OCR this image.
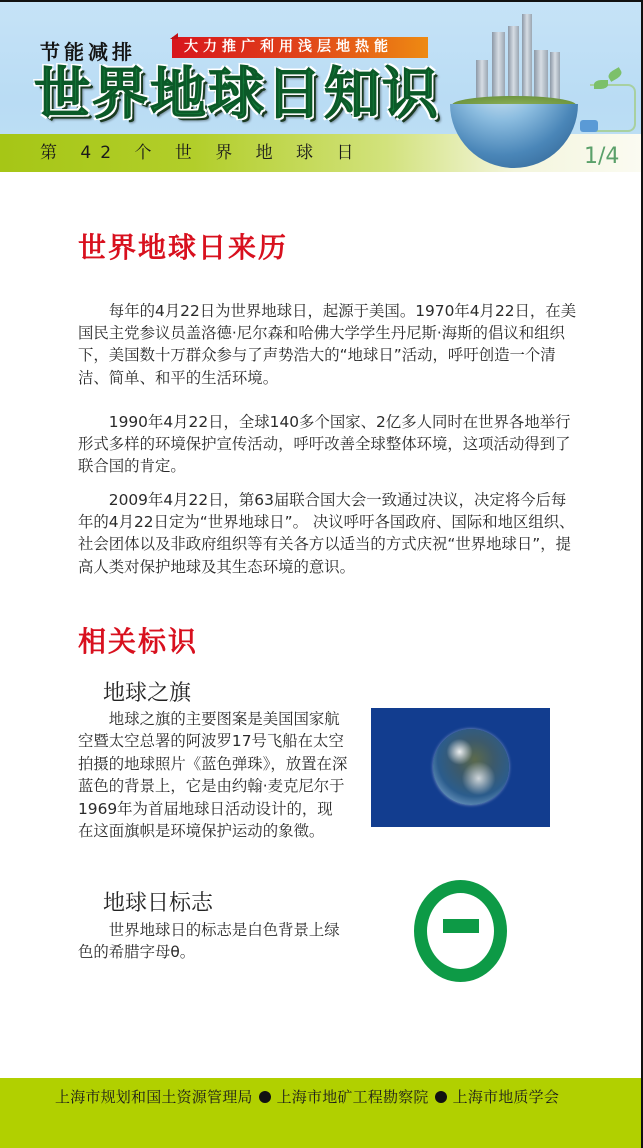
节能减排	大力推广利用浅层地热能
世界地球日知识
第 42 个 世 界 地 球 日	1/4
世界地球日来历

每年的4月22日为世界地球日，起源于美国。1970年4月22日，在美国民主党参议员盖洛德·尼尔森和哈佛大学学生丹尼斯·海斯的倡议和组织下，美国数十万群众参与了声势浩大的“地球日”活动，呼吁创造一个清洁、简单、和平的生活环境。

1990年4月22日，全球140多个国家、2亿多人同时在世界各地举行形式多样的环境保护宣传活动，呼吁改善全球整体环境，这项活动得到了联合国的肯定。

2009年4月22日，第63届联合国大会一致通过决议，决定将今后每年的4月22日定为“世界地球日”。 决议呼吁各国政府、国际和地区组织、社会团体以及非政府组织等有关各方以适当的方式庆祝“世界地球日”，提高人类对保护地球及其生态环境的意识。

相关标识
地球之旗

地球之旗的主要图案是美国国家航空暨太空总署的阿波罗17号飞船在太空拍摄的地球照片《蓝色弹珠》，放置在深蓝色的背景上，它是由约翰·麦克尼尔于1969年为首届地球日活动设计的，现在这面旗帜是环境保护运动的象徵。

地球日标志

世界地球日的标志是白色背景上绿色的希腊字母θ。

上海市规划和国土资源管理局 上海市地矿工程勘察院 上海市地质学会
